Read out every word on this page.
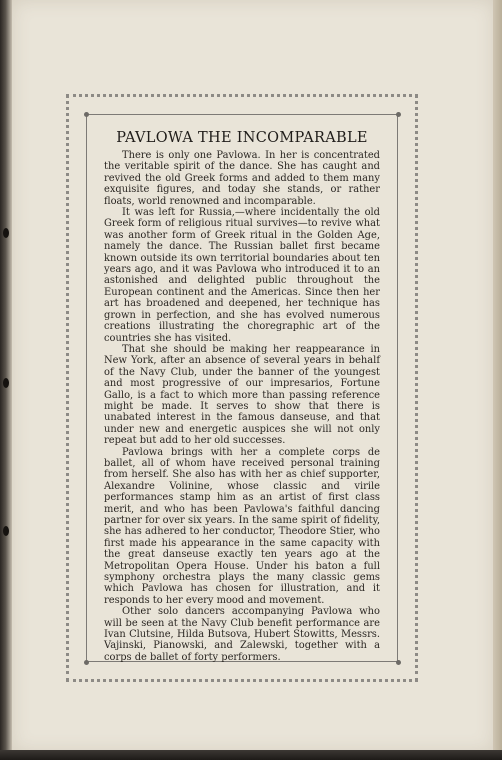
PAVLOWA THE INCOMPARABLE

There is only one Pavlowa. In her is concentrated the veritable spirit of the dance. She has caught and revived the old Greek forms and added to them many exquisite figures, and today she stands, or rather floats, world renowned and incomparable.

It was left for Russia,—where incidentally the old Greek form of religious ritual survives—to revive what was another form of Greek ritual in the Golden Age, namely the dance. The Russian ballet first became known outside its own territorial boundaries about ten years ago, and it was Pavlowa who introduced it to an astonished and delighted public throughout the European continent and the Americas. Since then her art has broadened and deepened, her technique has grown in perfection, and she has evolved numerous creations illustrating the choregraphic art of the countries she has visited.

That she should be making her reappearance in New York, after an absence of several years in behalf of the Navy Club, under the banner of the youngest and most progressive of our impresarios, Fortune Gallo, is a fact to which more than passing reference might be made. It serves to show that there is unabated interest in the famous danseuse, and that under new and energetic auspices she will not only repeat but add to her old successes.

Pavlowa brings with her a complete corps de ballet, all of whom have received personal training from herself. She also has with her as chief supporter, Alexandre Volinine, whose classic and virile performances stamp him as an artist of first class merit, and who has been Pavlowa's faithful dancing partner for over six years. In the same spirit of fidelity, she has adhered to her conductor, Theodore Stier, who first made his appearance in the same capacity with the great danseuse exactly ten years ago at the Metropolitan Opera House. Under his baton a full symphony orchestra plays the many classic gems which Pavlowa has chosen for illustration, and it responds to her every mood and movement.

Other solo dancers accompanying Pavlowa who will be seen at the Navy Club benefit performance are Ivan Clutsine, Hilda Butsova, Hubert Stowitts, Messrs. Vajinski, Pianowski, and Zalewski, together with a corps de ballet of forty performers.
